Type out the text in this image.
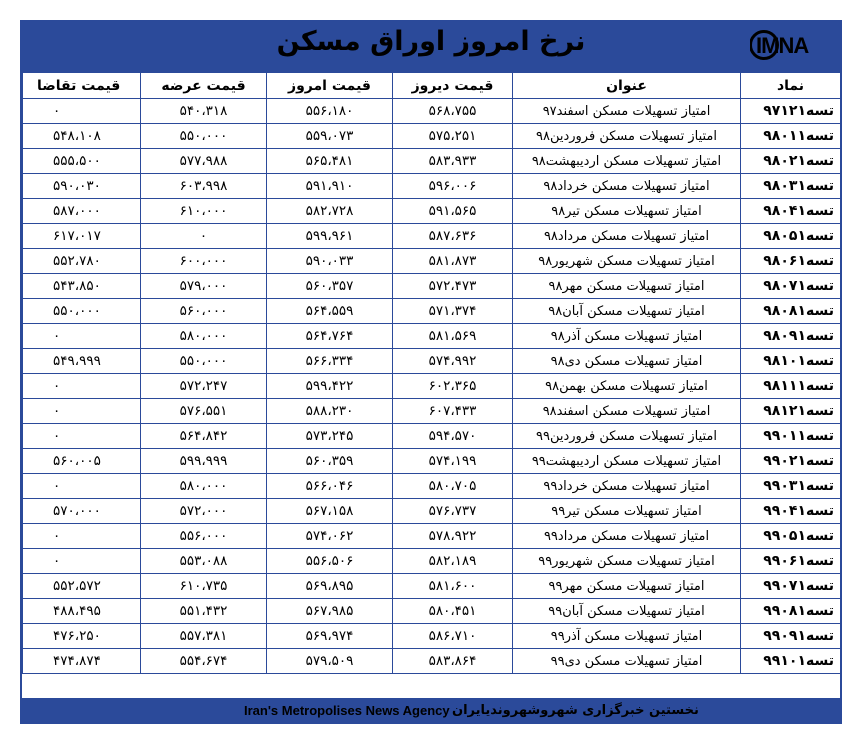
نرخ امروز اوراق مسکن	IMNA
نماد	عنوان	قیمت دیروز	قیمت امروز	قیمت عرضه	قیمت تقاضا
تسه۹۷۱۲۱	امتیاز تسهیلات مسکن اسفند۹۷	۵۶۸،۷۵۵	۵۵۶،۱۸۰	۵۴۰،۳۱۸	۰
تسه۹۸۰۱۱	امتیاز تسهیلات مسکن فروردین۹۸	۵۷۵،۲۵۱	۵۵۹،۰۷۳	۵۵۰،۰۰۰	۵۴۸،۱۰۸
تسه۹۸۰۲۱	امتیاز تسهیلات مسکن اردیبهشت۹۸	۵۸۳،۹۳۳	۵۶۵،۴۸۱	۵۷۷،۹۸۸	۵۵۵،۵۰۰
تسه۹۸۰۳۱	امتیاز تسهیلات مسکن خرداد۹۸	۵۹۶،۰۰۶	۵۹۱،۹۱۰	۶۰۳،۹۹۸	۵۹۰،۰۳۰
تسه۹۸۰۴۱	امتیاز تسهیلات مسکن تیر۹۸	۵۹۱،۵۶۵	۵۸۲،۷۲۸	۶۱۰،۰۰۰	۵۸۷،۰۰۰
تسه۹۸۰۵۱	امتیاز تسهیلات مسکن مرداد۹۸	۵۸۷،۶۳۶	۵۹۹،۹۶۱	۰	۶۱۷،۰۱۷
تسه۹۸۰۶۱	امتیاز تسهیلات مسکن شهریور۹۸	۵۸۱،۸۷۳	۵۹۰،۰۳۳	۶۰۰،۰۰۰	۵۵۲،۷۸۰
تسه۹۸۰۷۱	امتیاز تسهیلات مسکن مهر۹۸	۵۷۲،۴۷۳	۵۶۰،۳۵۷	۵۷۹،۰۰۰	۵۴۳،۸۵۰
تسه۹۸۰۸۱	امتیاز تسهیلات مسکن آبان۹۸	۵۷۱،۳۷۴	۵۶۴،۵۵۹	۵۶۰،۰۰۰	۵۵۰،۰۰۰
تسه۹۸۰۹۱	امتیاز تسهیلات مسکن آذر۹۸	۵۸۱،۵۶۹	۵۶۴،۷۶۴	۵۸۰،۰۰۰	۰
تسه۹۸۱۰۱	امتیاز تسهیلات مسکن دی۹۸	۵۷۴،۹۹۲	۵۶۶،۳۳۴	۵۵۰،۰۰۰	۵۴۹،۹۹۹
تسه۹۸۱۱۱	امتیاز تسهیلات مسکن بهمن۹۸	۶۰۲،۳۶۵	۵۹۹،۴۲۲	۵۷۲،۲۴۷	۰
تسه۹۸۱۲۱	امتیاز تسهیلات مسکن اسفند۹۸	۶۰۷،۴۳۳	۵۸۸،۲۳۰	۵۷۶،۵۵۱	۰
تسه۹۹۰۱۱	امتیاز تسهیلات مسکن فروردین۹۹	۵۹۴،۵۷۰	۵۷۳،۲۴۵	۵۶۴،۸۴۲	۰
تسه۹۹۰۲۱	امتیاز تسهیلات مسکن اردیبهشت۹۹	۵۷۴،۱۹۹	۵۶۰،۳۵۹	۵۹۹،۹۹۹	۵۶۰،۰۰۵
تسه۹۹۰۳۱	امتیاز تسهیلات مسکن خرداد۹۹	۵۸۰،۷۰۵	۵۶۶،۰۴۶	۵۸۰،۰۰۰	۰
تسه۹۹۰۴۱	امتیاز تسهیلات مسکن تیر۹۹	۵۷۶،۷۳۷	۵۶۷،۱۵۸	۵۷۲،۰۰۰	۵۷۰،۰۰۰
تسه۹۹۰۵۱	امتیاز تسهیلات مسکن مرداد۹۹	۵۷۸،۹۲۲	۵۷۴،۰۶۲	۵۵۶،۰۰۰	۰
تسه۹۹۰۶۱	امتیاز تسهیلات مسکن شهریور۹۹	۵۸۲،۱۸۹	۵۵۶،۵۰۶	۵۵۳،۰۸۸	۰
تسه۹۹۰۷۱	امتیاز تسهیلات مسکن مهر۹۹	۵۸۱،۶۰۰	۵۶۹،۸۹۵	۶۱۰،۷۳۵	۵۵۲،۵۷۲
تسه۹۹۰۸۱	امتیاز تسهیلات مسکن آبان۹۹	۵۸۰،۴۵۱	۵۶۷،۹۸۵	۵۵۱،۴۳۲	۴۸۸،۴۹۵
تسه۹۹۰۹۱	امتیاز تسهیلات مسکن آذر۹۹	۵۸۶،۷۱۰	۵۶۹،۹۷۴	۵۵۷،۳۸۱	۴۷۶،۲۵۰
تسه۹۹۱۰۱	امتیاز تسهیلات مسکن دی۹۹	۵۸۳،۸۶۴	۵۷۹،۵۰۹	۵۵۴،۶۷۴	۴۷۴،۸۷۴
Iran's Metropolises News Agency نخستین خبرگزاری شهروشهروندیایران
